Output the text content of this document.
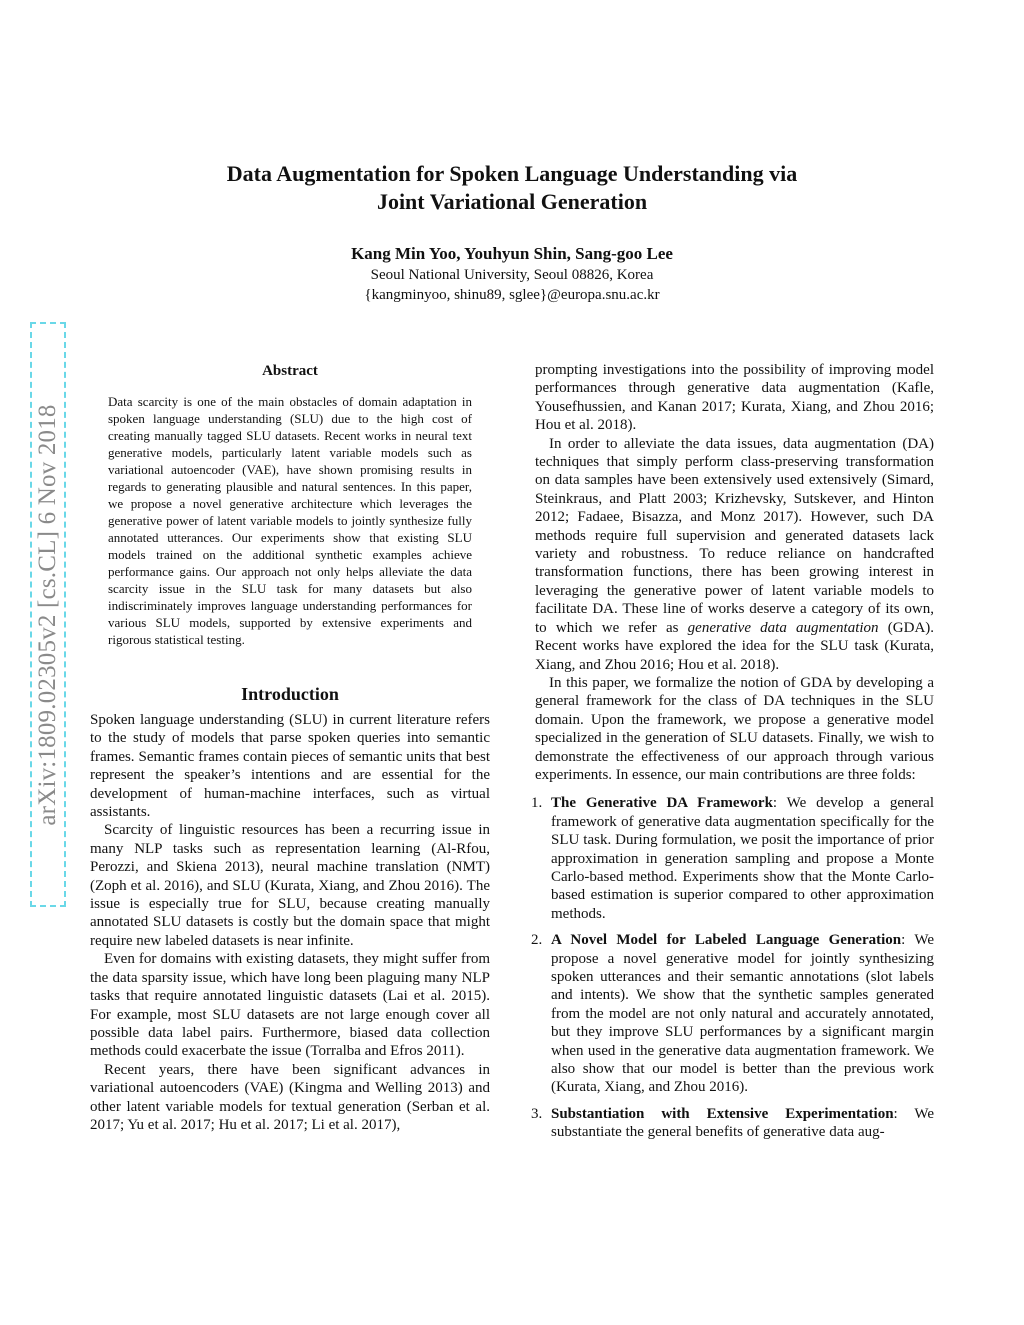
arXiv:1809.02305v2 [cs.CL] 6 Nov 2018
Data Augmentation for Spoken Language Understanding via
Joint Variational Generation
Kang Min Yoo, Youhyun Shin, Sang-goo Lee
Seoul National University, Seoul 08826, Korea
{kangminyoo, shinu89, sglee}@europa.snu.ac.kr
Abstract
Data scarcity is one of the main obstacles of domain adaptation in spoken language understanding (SLU) due to the high cost of creating manually tagged SLU datasets. Recent works in neural text generative models, particularly latent variable models such as variational autoencoder (VAE), have shown promising results in regards to generating plausible and natural sentences. In this paper, we propose a novel generative architecture which leverages the generative power of latent variable models to jointly synthesize fully annotated utterances. Our experiments show that existing SLU models trained on the additional synthetic examples achieve performance gains. Our approach not only helps alleviate the data scarcity issue in the SLU task for many datasets but also indiscriminately improves language understanding performances for various SLU models, supported by extensive experiments and rigorous statistical testing.
Introduction

Spoken language understanding (SLU) in current literature refers to the study of models that parse spoken queries into semantic frames. Semantic frames contain pieces of semantic units that best represent the speaker’s intentions and are essential for the development of human-machine interfaces, such as virtual assistants.

Scarcity of linguistic resources has been a recurring issue in many NLP tasks such as representation learning (Al-Rfou, Perozzi, and Skiena 2013), neural machine translation (NMT) (Zoph et al. 2016), and SLU (Kurata, Xiang, and Zhou 2016). The issue is especially true for SLU, because creating manually annotated SLU datasets is costly but the domain space that might require new labeled datasets is near infinite.

Even for domains with existing datasets, they might suffer from the data sparsity issue, which have long been plaguing many NLP tasks that require annotated linguistic datasets (Lai et al. 2015). For example, most SLU datasets are not large enough cover all possible data label pairs. Furthermore, biased data collection methods could exacerbate the issue (Torralba and Efros 2011).

Recent years, there have been significant advances in variational autoencoders (VAE) (Kingma and Welling 2013) and other latent variable models for textual generation (Serban et al. 2017; Yu et al. 2017; Hu et al. 2017; Li et al. 2017),

prompting investigations into the possibility of improving model performances through generative data augmentation (Kafle, Yousefhussien, and Kanan 2017; Kurata, Xiang, and Zhou 2016; Hou et al. 2018).

In order to alleviate the data issues, data augmentation (DA) techniques that simply perform class-preserving transformation on data samples have been extensively used extensively (Simard, Steinkraus, and Platt 2003; Krizhevsky, Sutskever, and Hinton 2012; Fadaee, Bisazza, and Monz 2017). However, such DA methods require full supervision and generated datasets lack variety and robustness. To reduce reliance on handcrafted transformation functions, there has been growing interest in leveraging the generative power of latent variable models to facilitate DA. These line of works deserve a category of its own, to which we refer as generative data augmentation (GDA). Recent works have explored the idea for the SLU task (Kurata, Xiang, and Zhou 2016; Hou et al. 2018).

In this paper, we formalize the notion of GDA by developing a general framework for the class of DA techniques in the SLU domain. Upon the framework, we propose a generative model specialized in the generation of SLU datasets. Finally, we wish to demonstrate the effectiveness of our approach through various experiments. In essence, our main contributions are three folds:

1. The Generative DA Framework: We develop a general framework of generative data augmentation specifically for the SLU task. During formulation, we posit the importance of prior approximation in generation sampling and propose a Monte Carlo-based method. Experiments show that the Monte Carlo-based estimation is superior compared to other approximation methods.
2. A Novel Model for Labeled Language Generation: We propose a novel generative model for jointly synthesizing spoken utterances and their semantic annotations (slot labels and intents). We show that the synthetic samples generated from the model are not only natural and accurately annotated, but they improve SLU performances by a significant margin when used in the generative data augmentation framework. We also show that our model is better than the previous work (Kurata, Xiang, and Zhou 2016).
3. Substantiation with Extensive Experimentation: We substantiate the general benefits of generative data aug-
